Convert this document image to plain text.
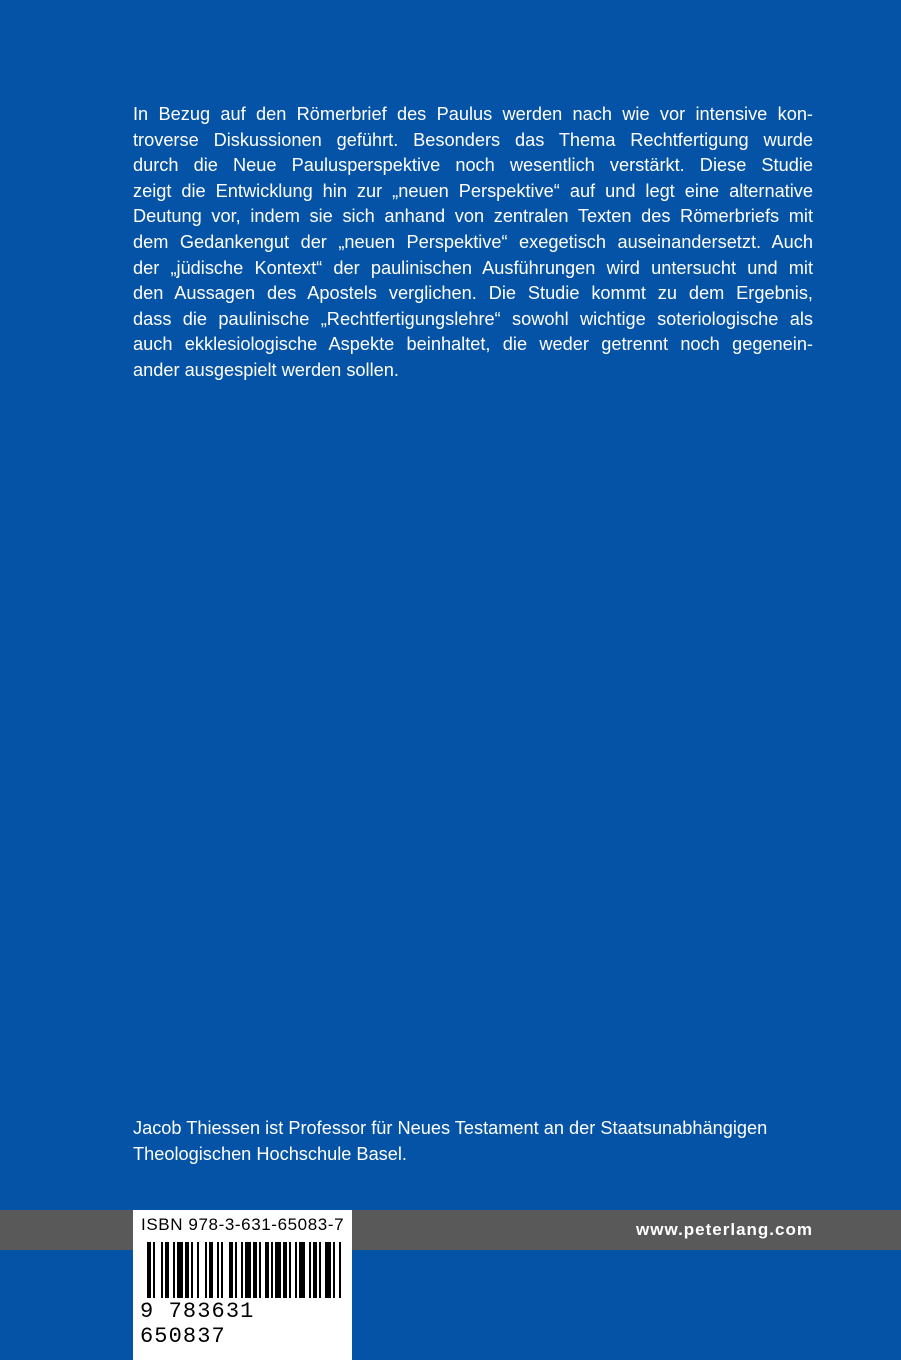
In Bezug auf den Römerbrief des Paulus werden nach wie vor intensive kon-

troverse Diskussionen geführt. Besonders das Thema Rechtfertigung wurde

durch die Neue Paulusperspektive noch wesentlich verstärkt. Diese Studie

zeigt die Entwicklung hin zur „neuen Perspektive“ auf und legt eine alternative

Deutung vor, indem sie sich anhand von zentralen Texten des Römerbriefs mit

dem Gedankengut der „neuen Perspektive“ exegetisch auseinandersetzt. Auch

der „jüdische Kontext“ der paulinischen Ausführungen wird untersucht und mit

den Aussagen des Apostels verglichen. Die Studie kommt zu dem Ergebnis,

dass die paulinische „Rechtfertigungslehre“ sowohl wichtige soteriologische als

auch ekklesiologische Aspekte beinhaltet, die weder getrennt noch gegenein-

ander ausgespielt werden sollen.

Jacob Thiessen ist Professor für Neues Testament an der Staatsunabhängigen

Theologischen Hochschule Basel.

www.peterlang.com
ISBN 978-3-631-65083-7
9 783631 650837
